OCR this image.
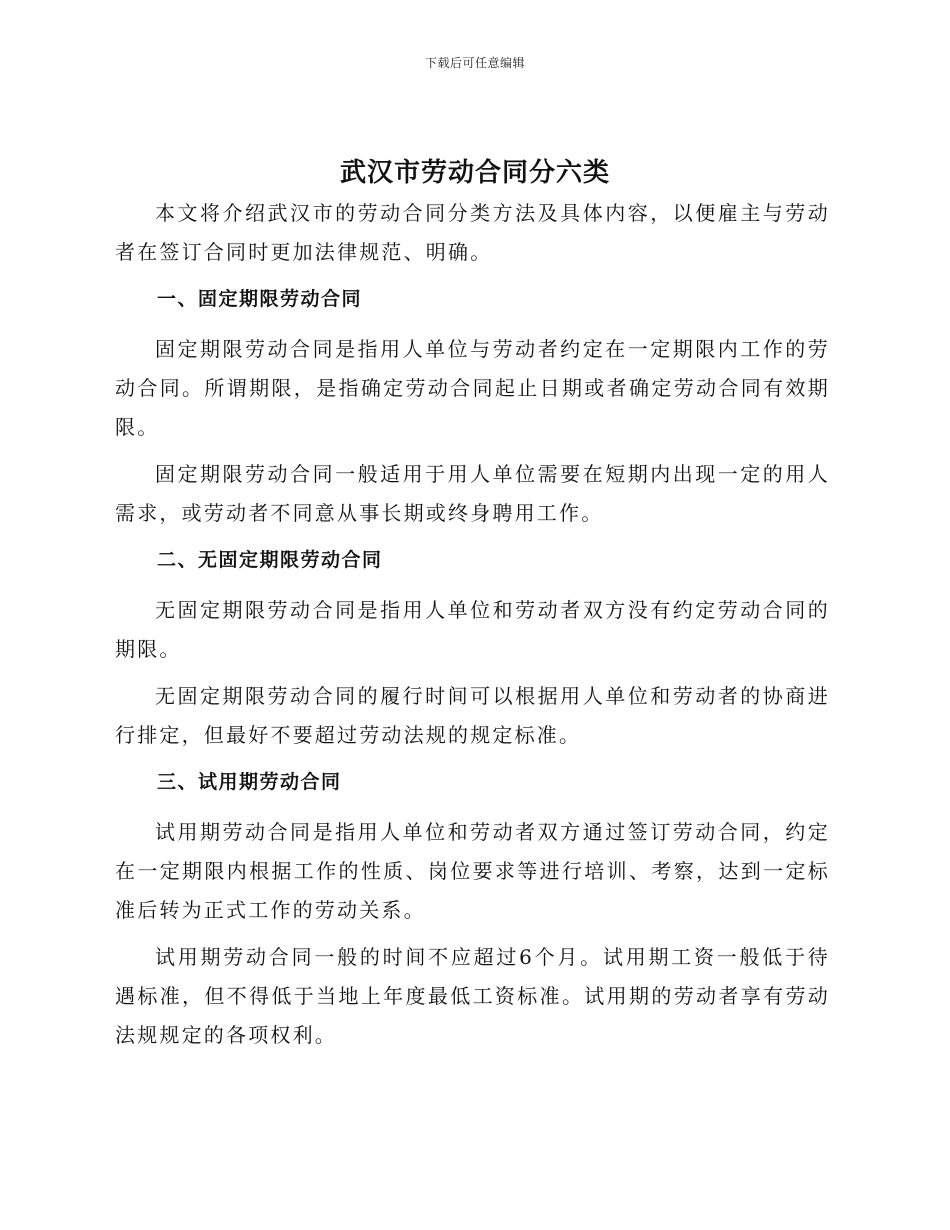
下载后可任意编辑
武汉市劳动合同分六类

本文将介绍武汉市的劳动合同分类方法及具体内容，以便雇主与劳动者在签订合同时更加法律规范、明确。

一、固定期限劳动合同

固定期限劳动合同是指用人单位与劳动者约定在一定期限内工作的劳动合同。所谓期限，是指确定劳动合同起止日期或者确定劳动合同有效期限。

固定期限劳动合同一般适用于用人单位需要在短期内出现一定的用人需求，或劳动者不同意从事长期或终身聘用工作。

二、无固定期限劳动合同

无固定期限劳动合同是指用人单位和劳动者双方没有约定劳动合同的期限。

无固定期限劳动合同的履行时间可以根据用人单位和劳动者的协商进行排定，但最好不要超过劳动法规的规定标准。

三、试用期劳动合同

试用期劳动合同是指用人单位和劳动者双方通过签订劳动合同，约定在一定期限内根据工作的性质、岗位要求等进行培训、考察，达到一定标准后转为正式工作的劳动关系。

试用期劳动合同一般的时间不应超过6个月。试用期工资一般低于待遇标准，但不得低于当地上年度最低工资标准。试用期的劳动者享有劳动法规规定的各项权利。
